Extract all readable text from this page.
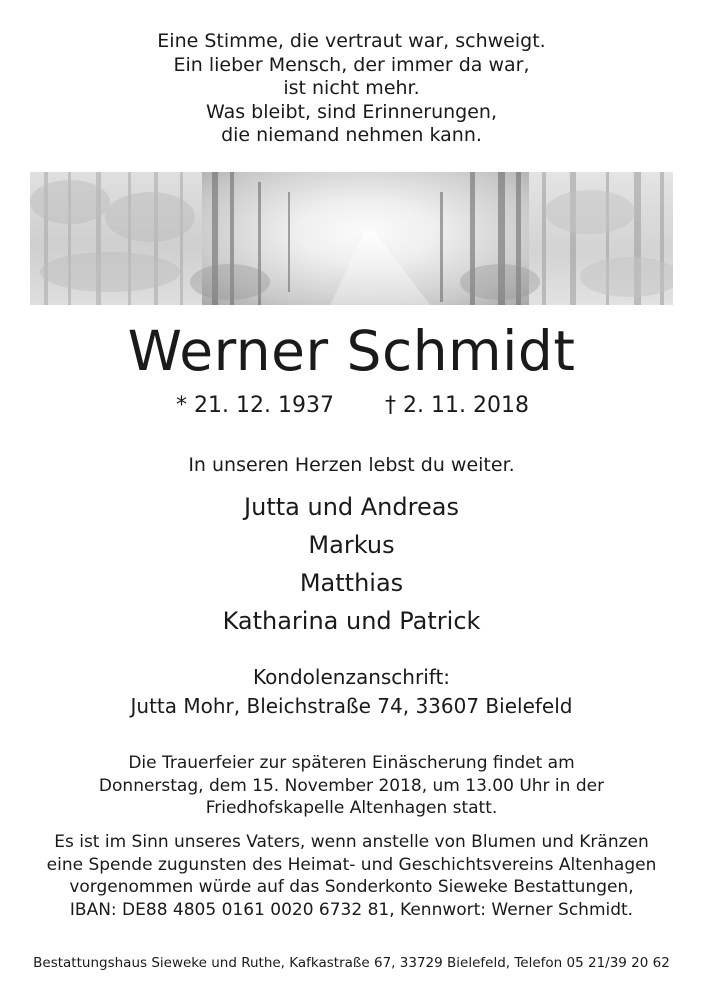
Eine Stimme, die vertraut war, schweigt.
Ein lieber Mensch, der immer da war,
ist nicht mehr.
Was bleibt, sind Erinnerungen,
die niemand nehmen kann.
Werner Schmidt
* 21. 12. 1937 † 2. 11. 2018
In unseren Herzen lebst du weiter.
Jutta und Andreas
Markus
Matthias
Katharina und Patrick
Kondolenzanschrift:
Jutta Mohr, Bleichstraße 74, 33607 Bielefeld
Die Trauerfeier zur späteren Einäscherung findet am
Donnerstag, dem 15. November 2018, um 13.00 Uhr in der
Friedhofskapelle Altenhagen statt.
Es ist im Sinn unseres Vaters, wenn anstelle von Blumen und Kränzen
eine Spende zugunsten des Heimat- und Geschichtsvereins Altenhagen
vorgenommen würde auf das Sonderkonto Sieweke Bestattungen,
IBAN: DE88 4805 0161 0020 6732 81, Kennwort: Werner Schmidt.
Bestattungshaus Sieweke und Ruthe, Kafkastraße 67, 33729 Bielefeld, Telefon 05 21/39 20 62
